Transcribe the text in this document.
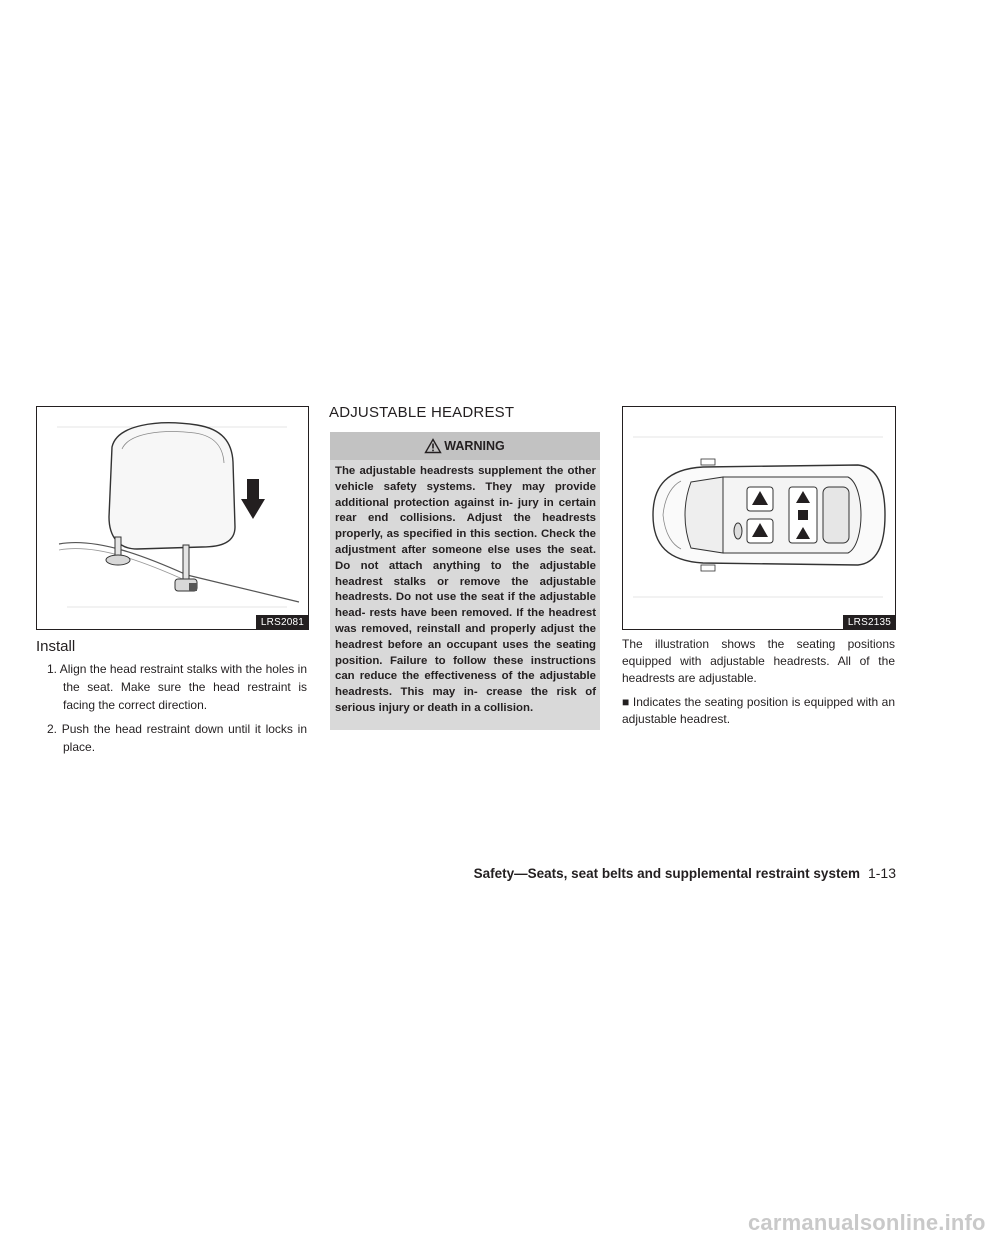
LRS2081
Install
1. Align the head restraint stalks with the holes in the seat. Make sure the head restraint is facing the correct direction.
2. Push the head restraint down until it locks in place.
ADJUSTABLE HEADREST
WARNING

The adjustable headrests supplement the other vehicle safety systems. They may provide additional protection against in- jury in certain rear end collisions. Adjust the headrests properly, as specified in this section. Check the adjustment after someone else uses the seat. Do not attach anything to the adjustable headrest stalks or remove the adjustable headrests. Do not use the seat if the adjustable head- rests have been removed. If the headrest was removed, reinstall and properly adjust the headrest before an occupant uses the seating position. Failure to follow these instructions can reduce the effectiveness of the adjustable headrests. This may in- crease the risk of serious injury or death in a collision.

LRS2135

The illustration shows the seating positions equipped with adjustable headrests. All of the headrests are adjustable.

■ Indicates the seating position is equipped with an adjustable headrest.

Safety—Seats, seat belts and supplemental restraint system 1-13
carmanualsonline.info
